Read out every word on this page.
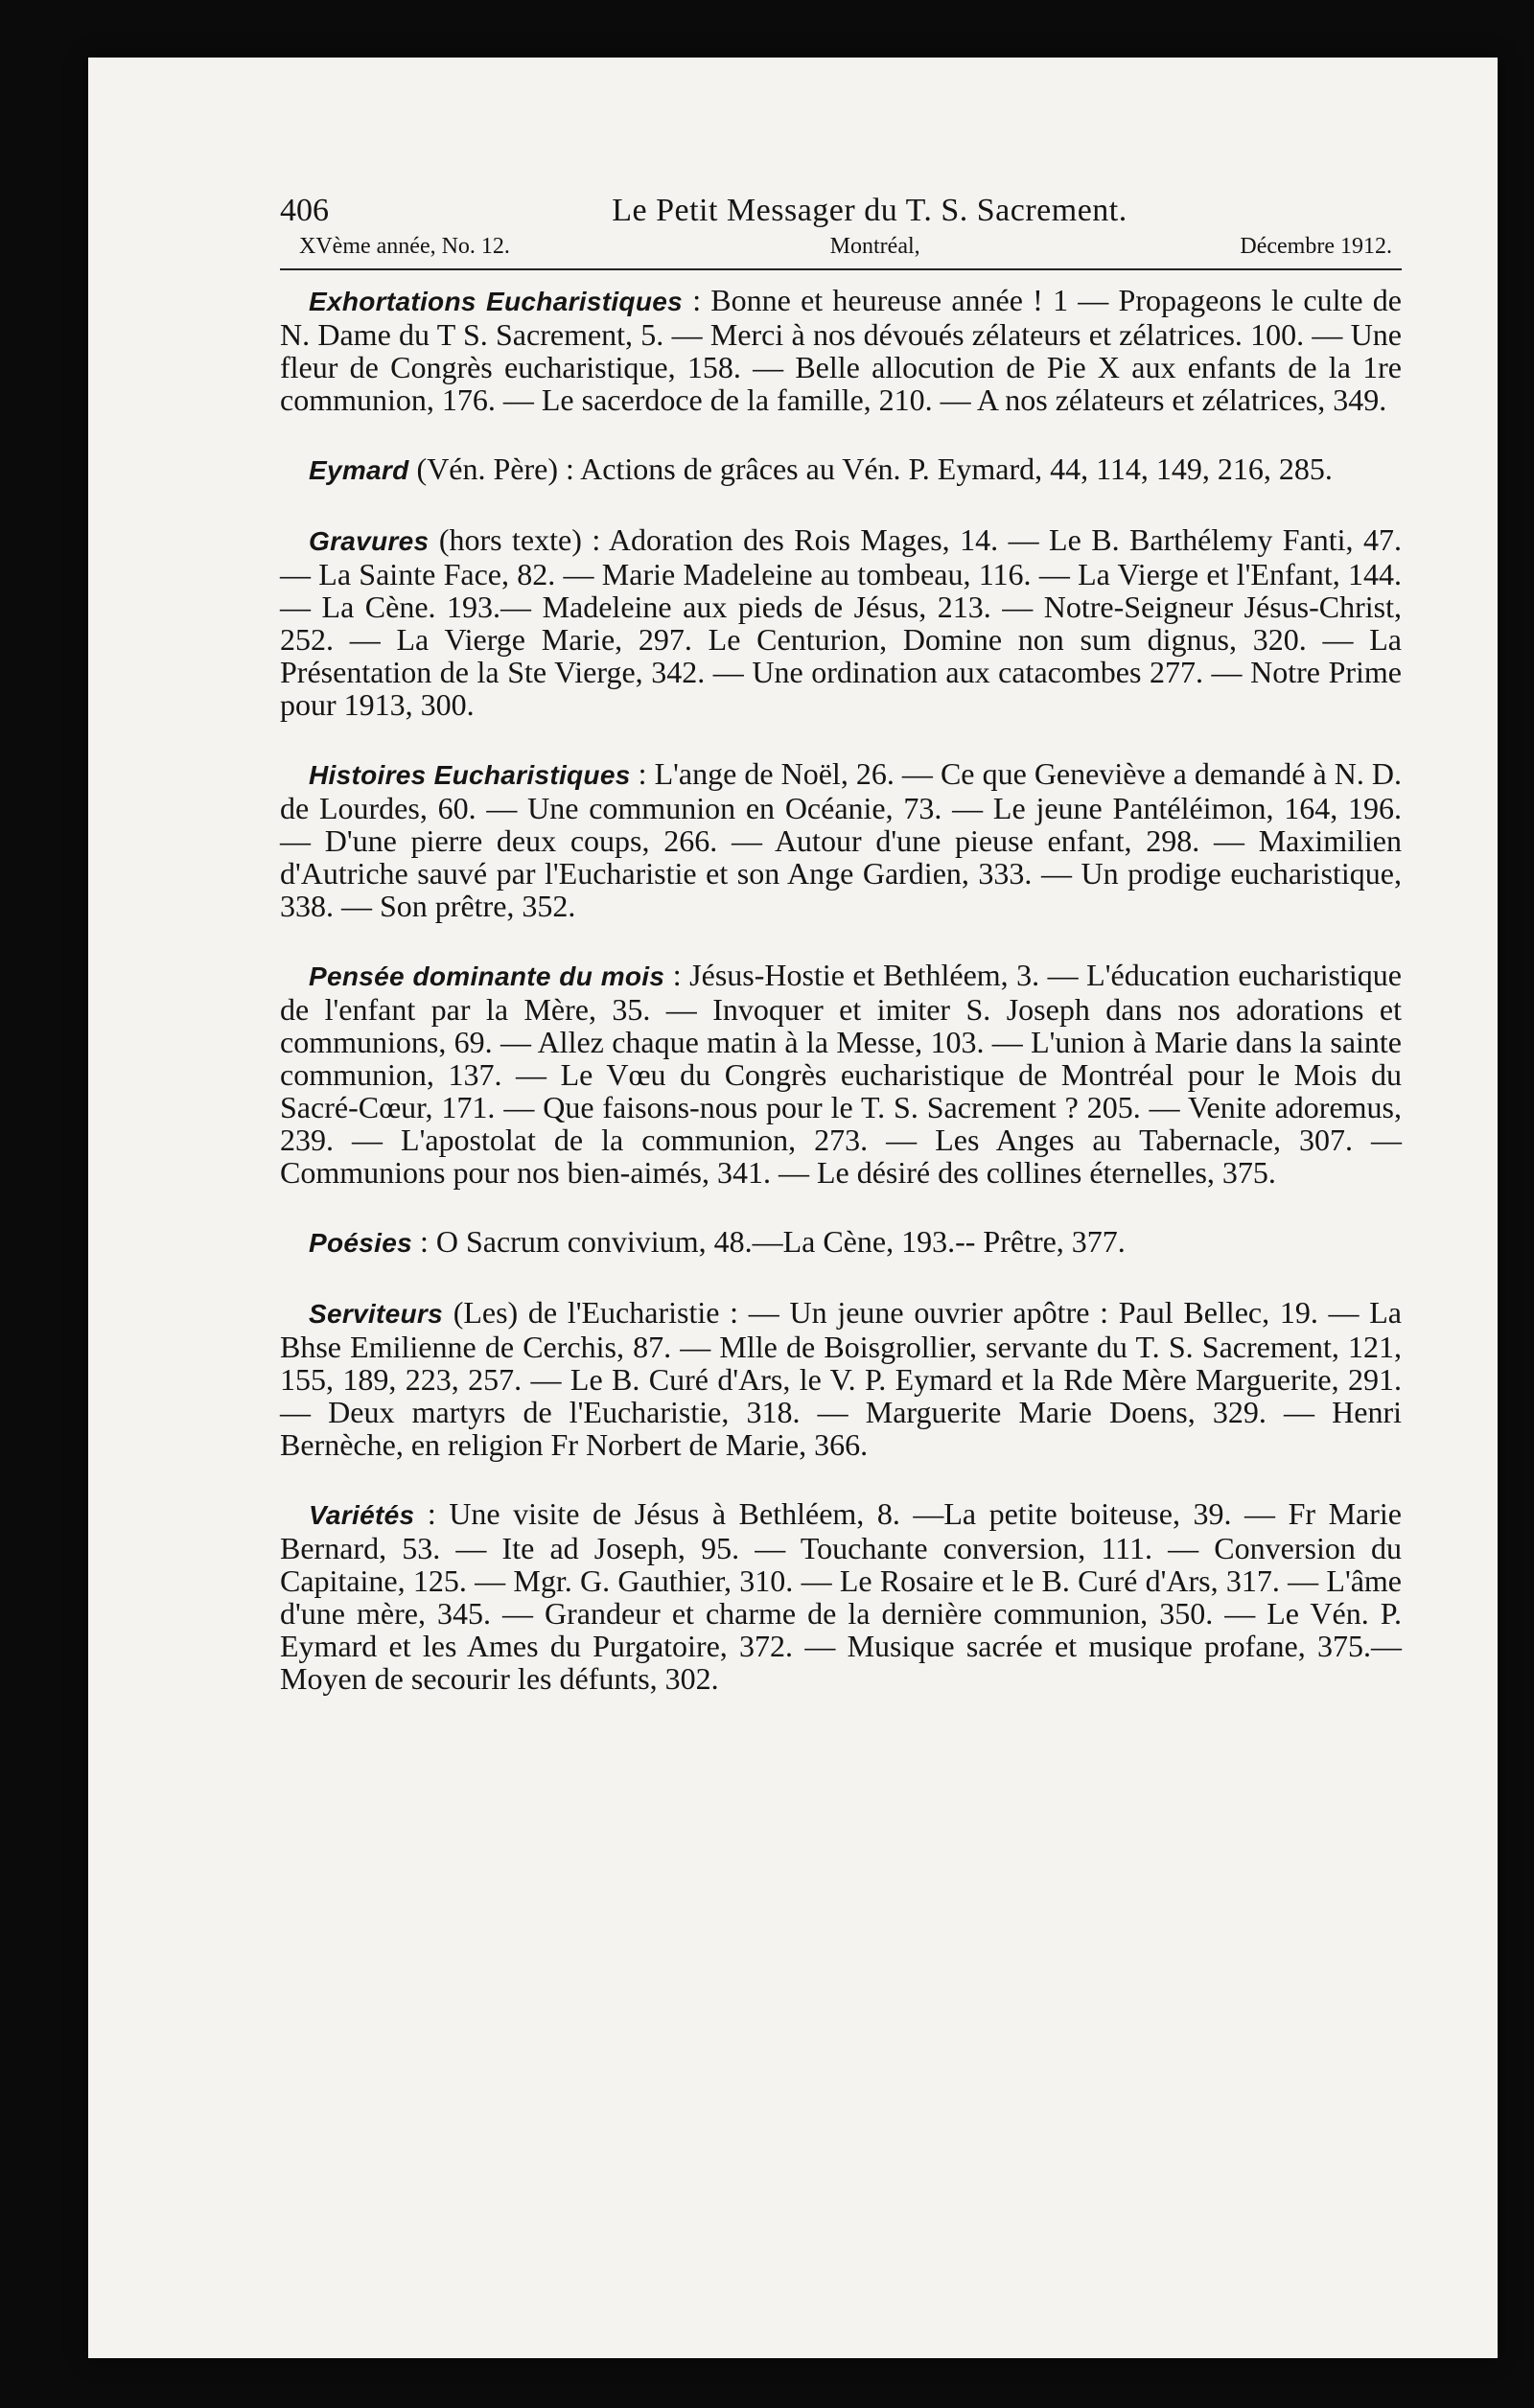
406	Le Petit Messager du T. S. Sacrement.
XVème année, No. 12.	Montréal,	Décembre 1912.

Exhortations Eucharistiques : Bonne et heureuse année ! 1 — Propageons le culte de N. Dame du T S. Sacrement, 5. — Merci à nos dévoués zélateurs et zélatrices. 100. — Une fleur de Congrès eucharistique, 158. — Belle allocution de Pie X aux enfants de la 1re communion, 176. — Le sacerdoce de la famille, 210. — A nos zélateurs et zélatrices, 349.

Eymard (Vén. Père) : Actions de grâces au Vén. P. Eymard, 44, 114, 149, 216, 285.

Gravures (hors texte) : Adoration des Rois Mages, 14. — Le B. Barthélemy Fanti, 47. — La Sainte Face, 82. — Marie Madeleine au tombeau, 116. — La Vierge et l'Enfant, 144. — La Cène. 193.— Madeleine aux pieds de Jésus, 213. — Notre-Seigneur Jésus-Christ, 252. — La Vierge Marie, 297. Le Centurion, Domine non sum dignus, 320. — La Présentation de la Ste Vierge, 342. — Une ordination aux catacombes 277. — Notre Prime pour 1913, 300.

Histoires Eucharistiques : L'ange de Noël, 26. — Ce que Geneviève a demandé à N. D. de Lourdes, 60. — Une communion en Océanie, 73. — Le jeune Pantéléimon, 164, 196. — D'une pierre deux coups, 266. — Autour d'une pieuse enfant, 298. — Maximilien d'Autriche sauvé par l'Eucharistie et son Ange Gardien, 333. — Un prodige eucharistique, 338. — Son prêtre, 352.

Pensée dominante du mois : Jésus-Hostie et Bethléem, 3. — L'éducation eucharistique de l'enfant par la Mère, 35. — Invoquer et imiter S. Joseph dans nos adorations et communions, 69. — Allez chaque matin à la Messe, 103. — L'union à Marie dans la sainte communion, 137. — Le Vœu du Congrès eucharistique de Montréal pour le Mois du Sacré-Cœur, 171. — Que faisons-nous pour le T. S. Sacrement ? 205. — Venite adoremus, 239. — L'apostolat de la communion, 273. — Les Anges au Tabernacle, 307. — Communions pour nos bien-aimés, 341. — Le désiré des collines éternelles, 375.

Poésies : O Sacrum convivium, 48.—La Cène, 193.-- Prêtre, 377.

Serviteurs (Les) de l'Eucharistie : — Un jeune ouvrier apôtre : Paul Bellec, 19. — La Bhse Emilienne de Cerchis, 87. — Mlle de Boisgrollier, servante du T. S. Sacrement, 121, 155, 189, 223, 257. — Le B. Curé d'Ars, le V. P. Eymard et la Rde Mère Marguerite, 291. — Deux martyrs de l'Eucharistie, 318. — Marguerite Marie Doens, 329. — Henri Bernèche, en religion Fr Norbert de Marie, 366.

Variétés : Une visite de Jésus à Bethléem, 8. —La petite boiteuse, 39. — Fr Marie Bernard, 53. — Ite ad Joseph, 95. — Touchante conversion, 111. — Conversion du Capitaine, 125. — Mgr. G. Gauthier, 310. — Le Rosaire et le B. Curé d'Ars, 317. — L'âme d'une mère, 345. — Grandeur et charme de la dernière communion, 350. — Le Vén. P. Eymard et les Ames du Purgatoire, 372. — Musique sacrée et musique profane, 375.—Moyen de secourir les défunts, 302.
